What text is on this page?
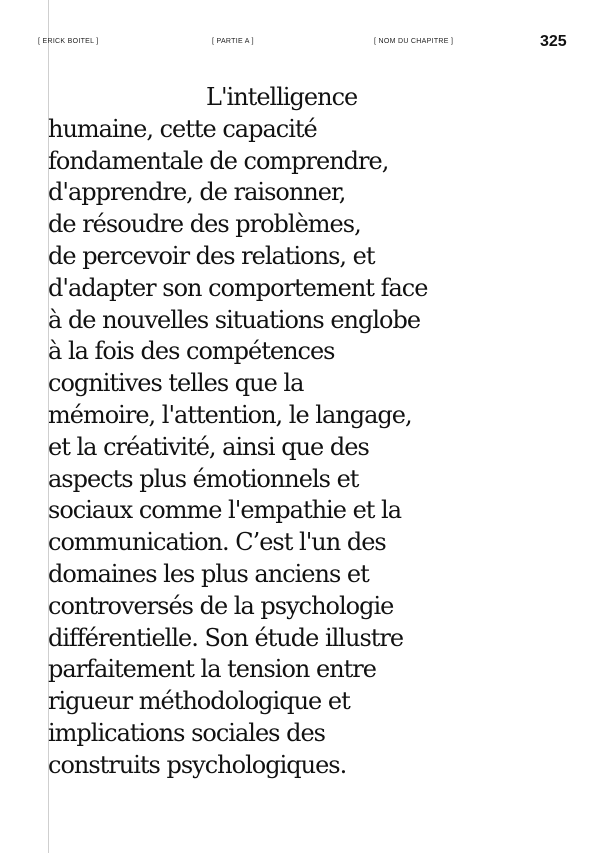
[ ERICK BOITEL ]	[ PARTIE A ]	[ NOM DU CHAPITRE ]	325

L'intelligence
humaine, cette capacité
fondamentale de comprendre,
d'apprendre, de raisonner,
de résoudre des problèmes,
de percevoir des relations, et
d'adapter son comportement face
à de nouvelles situations englobe
à la fois des compétences
cognitives telles que la
mémoire, l'attention, le langage,
et la créativité, ainsi que des
aspects plus émotionnels et
sociaux comme l'empathie et la
communication. C’est l'un des
domaines les plus anciens et
controversés de la psychologie
différentielle. Son étude illustre
parfaitement la tension entre
rigueur méthodologique et
implications sociales des
construits psychologiques.
